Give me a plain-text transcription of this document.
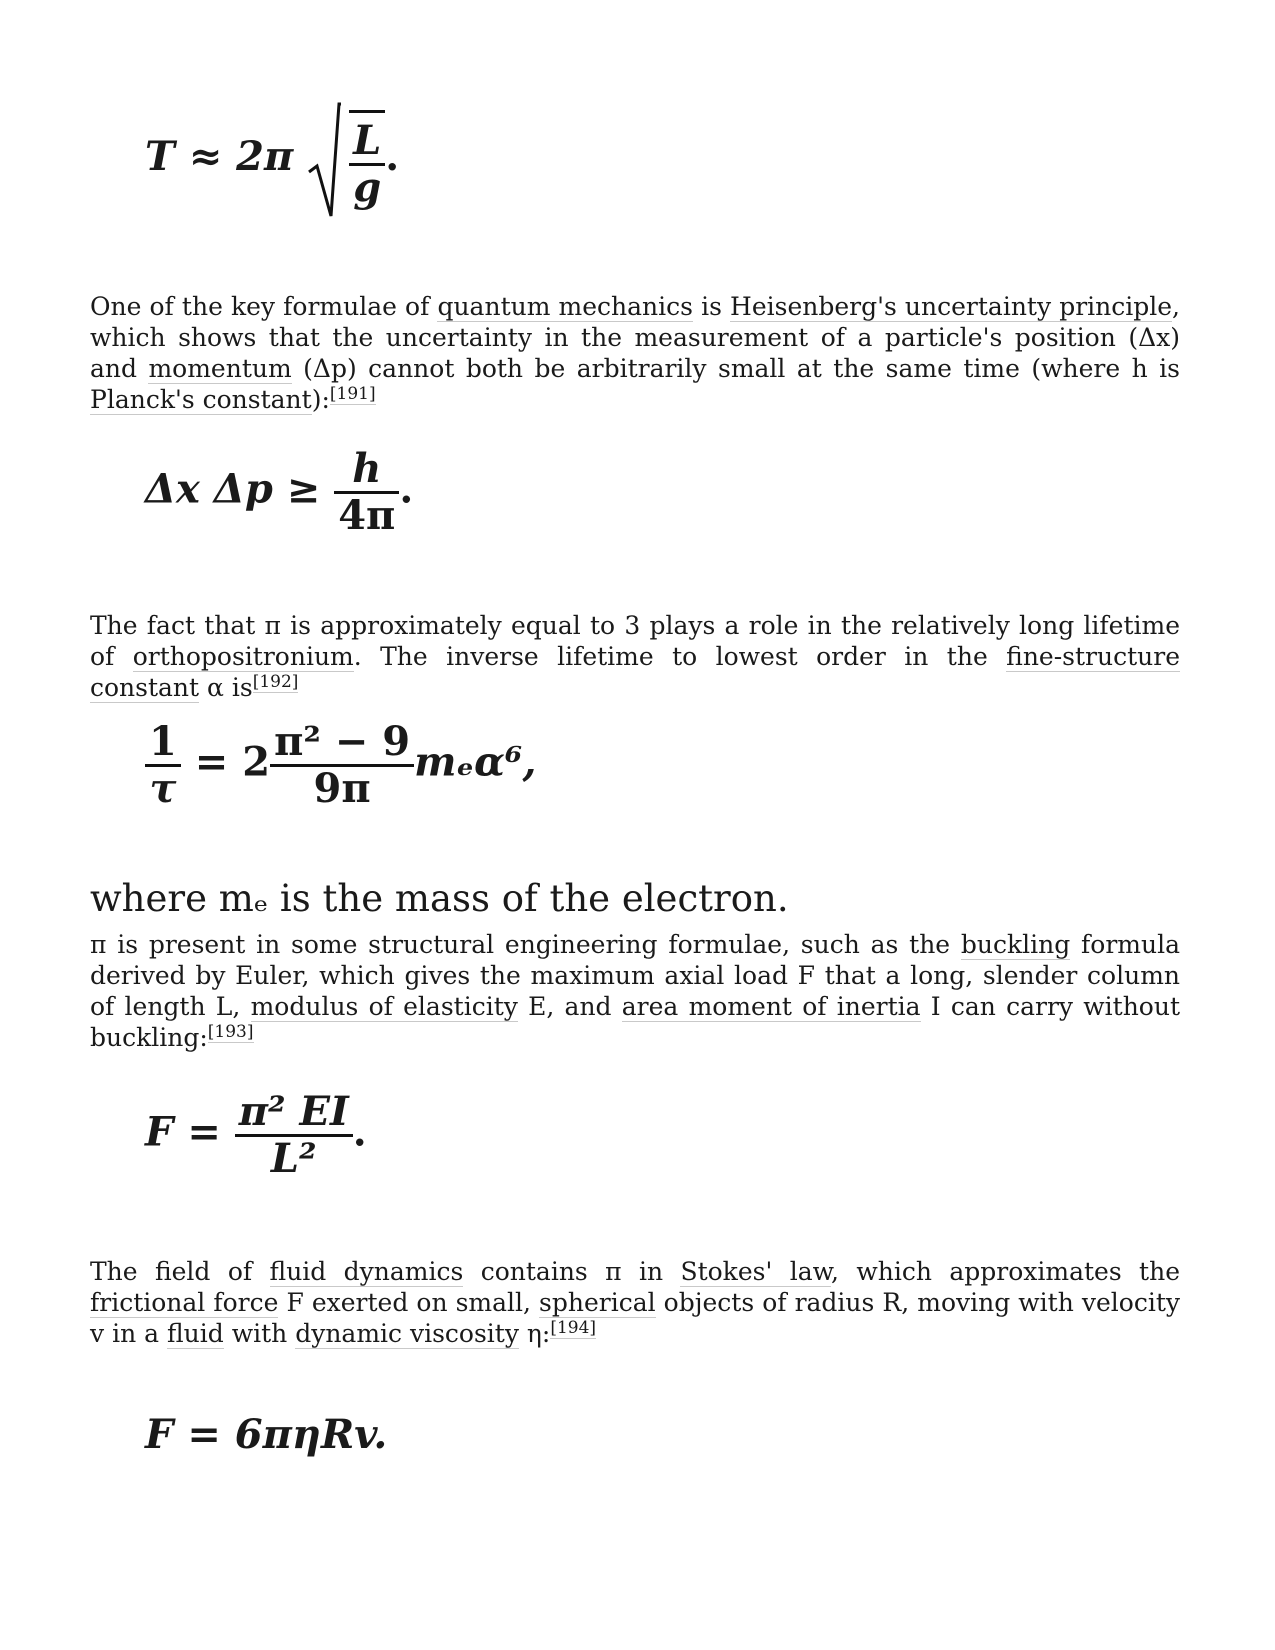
$T \approx 2\pi \frac{L}{g}$ .
One of the key formulae of quantum mechanics is Heisenberg's uncertainty principle, which shows that the uncertainty in the measurement of a particle's position (Δx) and momentum (Δp) cannot both be arbitrarily small at the same time (where h is Planck's constant):[191]
Δx $\Delta p \ge \frac{h}{4\pi}$ .
The fact that π is approximately equal to 3 plays a role in the relatively long lifetime of orthopositronium. The inverse lifetime to lowest order in the fine-structure constant α is[192]
$\frac{1}{\tau} = 2 \frac{\text{π² − 9}}{9\pi} m_e\alpha^6$,
where mₑ is the mass of the electron.
π is present in some structural engineering formulae, such as the buckling formula derived by Euler, which gives the maximum axial load F that a long, slender column of length L, modulus of elasticity E, and area moment of inertia I can carry without buckling:[193]
$F = \frac{\text{π² EI}}{\text{L²}}$ .
The field of fluid dynamics contains π in Stokes' law, which approximates the frictional force F exerted on small, spherical objects of radius R, moving with velocity v in a fluid with dynamic viscosity η:[194]
F = 6πηRv.
